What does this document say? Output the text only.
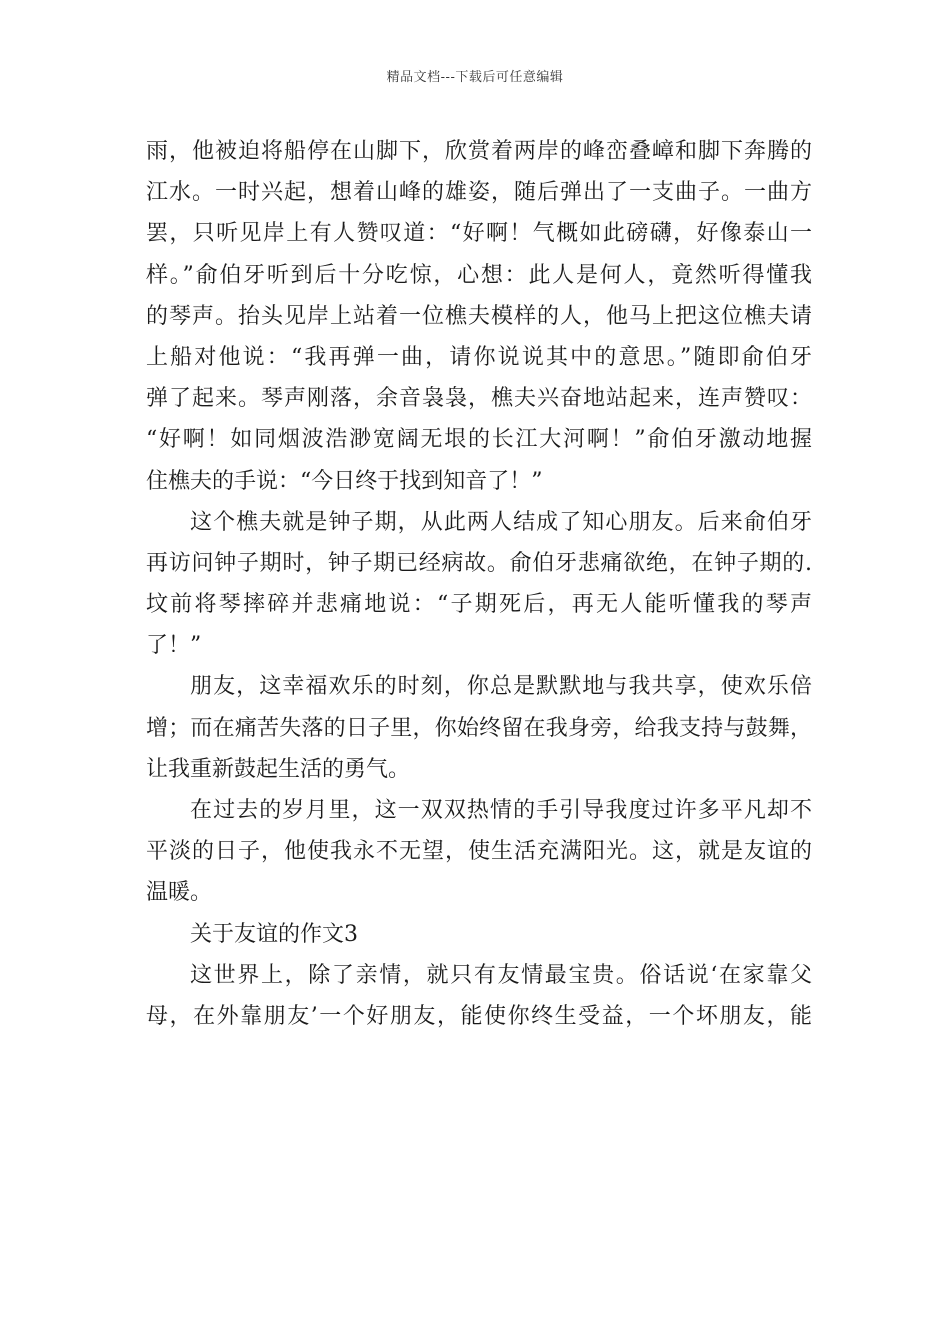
精品文档---下载后可任意编辑
雨，他被迫将船停在山脚下，欣赏着两岸的峰峦叠嶂和脚下奔腾的
江水。一时兴起，想着山峰的雄姿，随后弹出了一支曲子。一曲方
罢，只听见岸上有人赞叹道：“好啊！气概如此磅礴，好像泰山一
样。”俞伯牙听到后十分吃惊，心想：此人是何人，竟然听得懂我
的琴声。抬头见岸上站着一位樵夫模样的人，他马上把这位樵夫请
上船对他说：“我再弹一曲，请你说说其中的意思。”随即俞伯牙
弹了起来。琴声刚落，余音袅袅，樵夫兴奋地站起来，连声赞叹：
“好啊！如同烟波浩渺宽阔无垠的长江大河啊！”俞伯牙激动地握
住樵夫的手说：“今日终于找到知音了！”
这个樵夫就是钟子期，从此两人结成了知心朋友。后来俞伯牙
再访问钟子期时，钟子期已经病故。俞伯牙悲痛欲绝，在钟子期的.
坟前将琴摔碎并悲痛地说：“子期死后，再无人能听懂我的琴声
了！”
朋友，这幸福欢乐的时刻，你总是默默地与我共享，使欢乐倍
增；而在痛苦失落的日子里，你始终留在我身旁，给我支持与鼓舞，
让我重新鼓起生活的勇气。
在过去的岁月里，这一双双热情的手引导我度过许多平凡却不
平淡的日子，他使我永不无望，使生活充满阳光。这，就是友谊的
温暖。
关于友谊的作文3
这世界上，除了亲情，就只有友情最宝贵。俗话说‘在家靠父
母，在外靠朋友’一个好朋友，能使你终生受益，一个坏朋友，能
